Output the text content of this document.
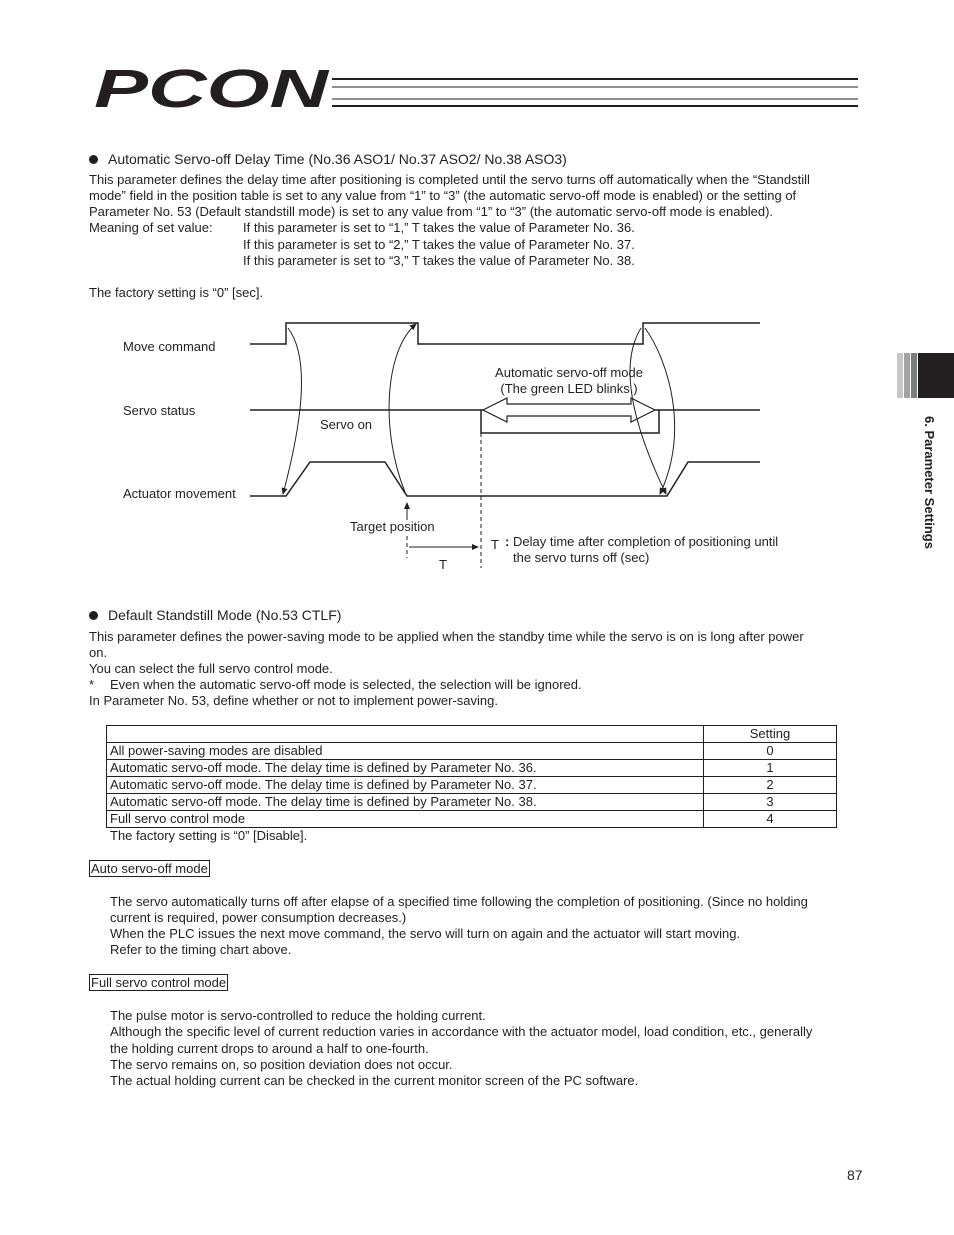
PCON
6. Parameter Settings
Automatic Servo-off Delay Time (No.36 ASO1/ No.37 ASO2/ No.38 ASO3)
This parameter defines the delay time after positioning is completed until the servo turns off automatically when the “Standstill
mode” field in the position table is set to any value from “1” to “3” (the automatic servo-off mode is enabled) or the setting of
Parameter No. 53 (Default standstill mode) is set to any value from “1” to “3” (the automatic servo-off mode is enabled).
Meaning of set value: If this parameter is set to “1,” T takes the value of Parameter No. 36.
If this parameter is set to “2,” T takes the value of Parameter No. 37.
If this parameter is set to “3,” T takes the value of Parameter No. 38.
The factory setting is “0” [sec].
Move command
Servo status
Actuator movement
Servo on
Automatic servo-off mode
(The green LED blinks.)
Target position
T
T : Delay time after completion of positioning until
the servo turns off (sec)
Default Standstill Mode (No.53 CTLF)
This parameter defines the power-saving mode to be applied when the standby time while the servo is on is long after power
on.
You can select the full servo control mode.
* Even when the automatic servo-off mode is selected, the selection will be ignored.
In Parameter No. 53, define whether or not to implement power-saving.
	Setting
All power-saving modes are disabled	0
Automatic servo-off mode. The delay time is defined by Parameter No. 36.	1
Automatic servo-off mode. The delay time is defined by Parameter No. 37.	2
Automatic servo-off mode. The delay time is defined by Parameter No. 38.	3
Full servo control mode	4
The factory setting is “0” [Disable].
Auto servo-off mode
The servo automatically turns off after elapse of a specified time following the completion of positioning. (Since no holding
current is required, power consumption decreases.)
When the PLC issues the next move command, the servo will turn on again and the actuator will start moving.
Refer to the timing chart above.
Full servo control mode
The pulse motor is servo-controlled to reduce the holding current.
Although the specific level of current reduction varies in accordance with the actuator model, load condition, etc., generally
the holding current drops to around a half to one-fourth.
The servo remains on, so position deviation does not occur.
The actual holding current can be checked in the current monitor screen of the PC software.
87
